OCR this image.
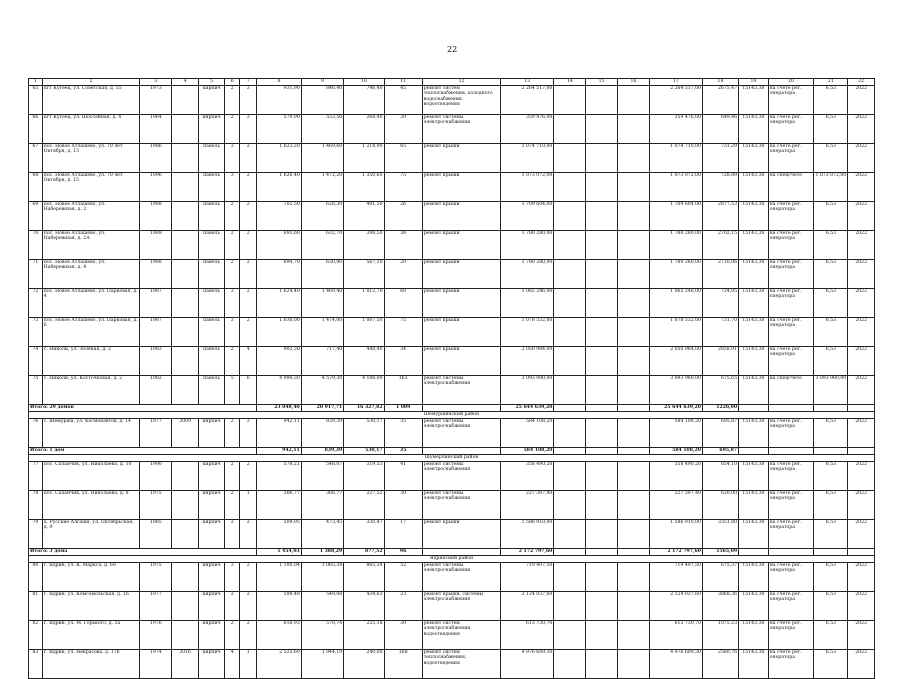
22
1	2	3	4	5	6	7	8	9	10	11	12	13	14	15	16	17	18	19	20	21	22
65	пгт Кутеец, ул. Советская, д. 55	1973		кирпич	2	3	931,90	846,40	746,40	45	ремонт систем теплоснабжения, холодного водоснабжения, водоотведения	2 264 517,00				2 264 517,00	2675,47	15143,38	на счете рег. оператора	6,53	2022
66	пгт Кутеец, ул. Шоссейная, д. 4	1964		кирпич	2	3	579,90	553,50	268,40	29	ремонт системы электроснабжения	359 476,00				359 476,00	649,46	15143,38	на счете рег. оператора	6,53	2022
67	пос. Новое Атлашево, ул. 70 лет Октября, д. 13	1986		панель	3	2	1 623,20	1 469,60	1 214,90	65	ремонт крыши	1 074 710,00				1 074 710,00	731,29	15143,38	на счете рег. оператора	6,53	2022
68	пос. Новое Атлашево, ул. 70 лет Октября, д. 15	1996		панель	3	2	1 626,40	1 472,20	1 350,60	75	ремонт крыши	1 073 072,00				1 073 072,00	728,89	15143,38	на спецсчете	1 073 072,00	2022
69	пос. Новое Атлашево, ул. Набережная, д. 2	1988		панель	2	2	702,50	628,30	491,50	26	ремонт крыши	1 709 604,00				1 709 604,00	2877,53	15143,38	на счете рег. оператора	6,53	2022
70	пос. Новое Атлашево, ул. Набережная, д. 2А	1989		панель	2	2	695,60	632,70	398,50	38	ремонт крыши	1 780 280,00				1 780 280,00	2702,15	15143,38	на счете рег. оператора	6,53	2022
71	пос. Новое Атлашево, ул. Набережная, д. 4	1988		панель	2	2	694,70	630,90	567,10	29	ремонт крыши	1 780 280,00				1 780 280,00	2710,06	15143,38	на счете рег. оператора	6,53	2022
72	пос. Новое Атлашево, ул. Парковая, д. 4	1987		панель	3	2	1 624,40	1 469,40	1 012,70	69	ремонт крыши	1 065 246,00				1 065 246,00	724,95	15143,38	на счете рег. оператора	6,53	2022
73	пос. Новое Атлашево, ул. Парковая, д. 6	1987		панель	3	2	1 630,00	1 474,00	1 067,50	75	ремонт крыши	1 078 532,00				1 078 532,00	731,70	15143,38	на счете рег. оператора	6,53	2022
74	с. Николи, ул. Зеленая, д. 2	1983		панель	2	4	902,30	717,40	448,40	34	ремонт крыши	2 050 984,00				2 050 984,00	2858,91	15143,38	на счете рег. оператора	6,53	2022
75	с. Николи, ул. Косточковая, д. 2	1982		панель	5	6	4 990,30	4 579,30	4 108,00	163	ремонт системы электроснабжения	3 093 980,00				3 093 980,00	675,65	15143,38	на спецсчете	3 093 980,00	2022
Итого: 29 домов							23 048,40	20 917,71	16 327,82	1 089		25 644 639,20				25 644 639,20	1226,00				
Шемуршинский район																					
76	с. Шемурша, ул. Космонавтов, д. 14	1977	2009	кирпич	2	3	942,11	839,39	530,17	35	ремонт системы электроснабжения	584 108,20				584 108,20	695,87	15143,38	на счете рег. оператора	6,53	2022
Итого: 1 дом							942,11	839,39	530,17	35		584 108,20				584 108,20	695,87				
Шумерлинский район																					
77	пос. Саланчик, ул. Николаева, д. 10	1990		кирпич	2	2	578,21	548,07	319,53	41	ремонт системы электроснабжения	358 490,20				358 490,20	654,10	15143,38	на счете рег. оператора	6,53	2022
78	пос. Саланчик, ул. Николаева, д. 8	1975		кирпич	2	1	366,77	366,77	227,52	30	ремонт системы электроснабжения	227 397,40				227 397,40	620,00	15143,38	на счете рег. оператора	6,53	2022
79	д. Русские Алгаши, ул. Октябрьская, д. 9	1985		кирпич	2	2	509,05	473,45	330,47	17	ремонт крыши	1 586 910,00				1 586 910,00	3351,80	15143,38	на счете рег. оператора	6,53	2022
Итого: 3 дома							1 454,03	1 388,29	877,52	96		2 172 797,60				2 172 797,60	1565,09				
Ядринский район																					
80	г. Ядрин, ул. К. Маркса, д. 69	1975		кирпич	3	2	1 100,04	1 065,34	865,34	52	ремонт системы электроснабжения	719 497,50				719 497,50	675,37	15143,38	на счете рег. оператора	6,53	2022
81	г. Ядрин, ул. Комсомольская, д. 16	1977		кирпич	2	2	598,48	549,08	434,63	23	ремонт крыши, системы электроснабжения	2 124 037,60				2 124 037,60	3868,36	15143,38	на счете рег. оператора	6,53	2022
82	г. Ядрин, ул. М. Горького, д. 5а	1976		кирпич	2	2	618,93	570,74	225,18	30	ремонт систем электроснабжения, водоотведения	613 730,70				613 730,70	1075,23	15143,38	на счете рег. оператора	6,53	2022
83	г. Ядрин, ул. Некрасова, д. 176	1974	2016	кирпич	4	1	2 525,69	1 944,19	240,00	168	ремонт систем теплоснабжения, водоотведения	4 976 609,30				4 976 609,30	2560,76	15143,38	на счете рег. оператора	6,53	2022
